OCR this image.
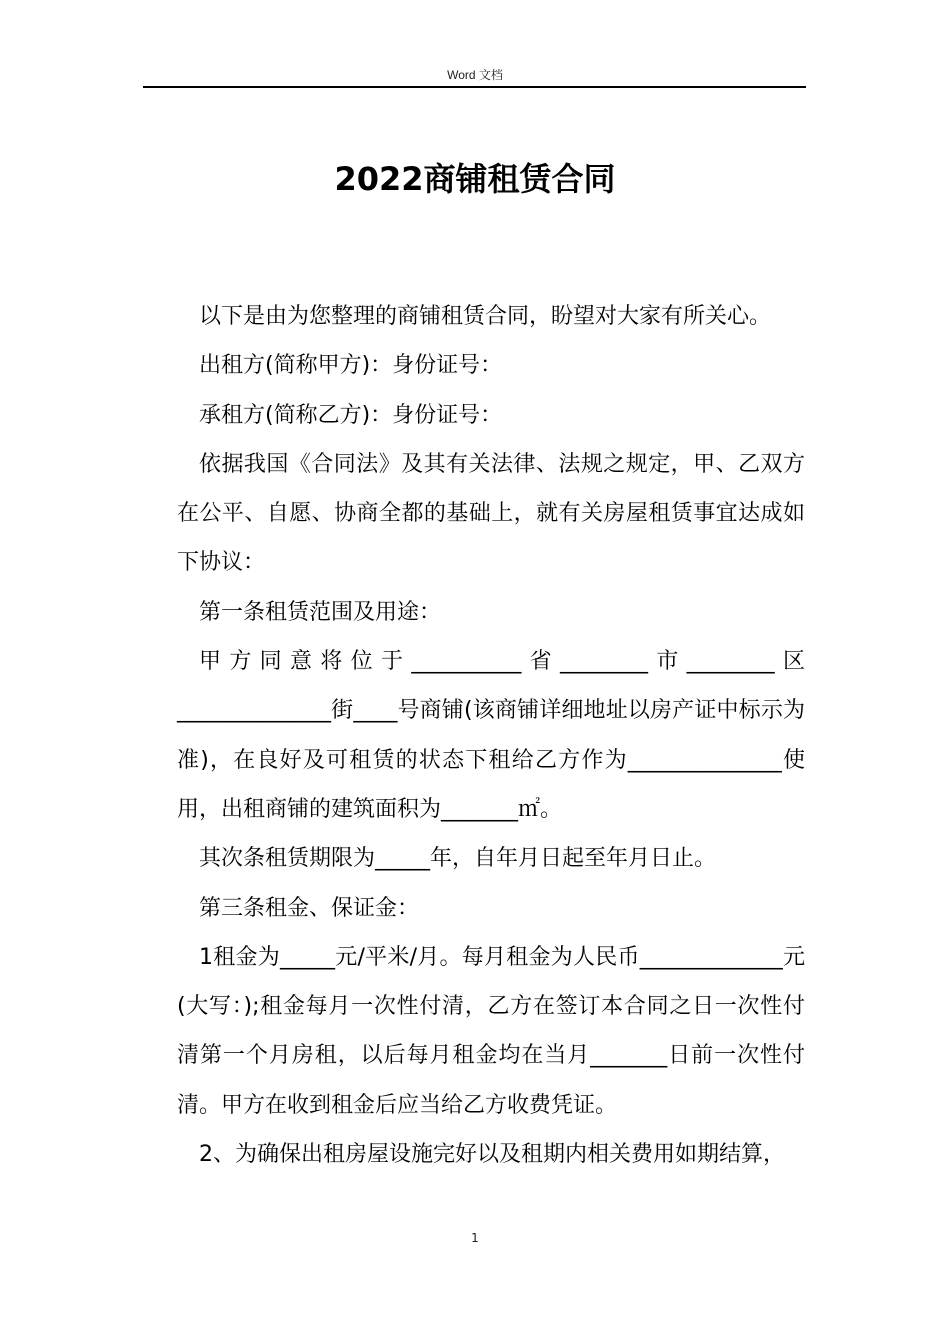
Word 文档
2022商铺租赁合同

以下是由为您整理的商铺租赁合同，盼望对大家有所关心。

出租方(简称甲方)：身份证号：

承租方(简称乙方)：身份证号：

依据我国《合同法》及其有关法律、法规之规定，甲、乙双方在公平、自愿、协商全都的基础上，就有关房屋租赁事宜达成如下协议：

第一条租赁范围及用途：

甲方同意将位于__________省________市________区______________街____号商铺(该商铺详细地址以房产证中标示为准)，在良好及可租赁的状态下租给乙方作为______________使用，出租商铺的建筑面积为_______㎡。

其次条租赁期限为_____年，自年月日起至年月日止。

第三条租金、保证金：

1租金为_____元/平米/月。每月租金为人民币_____________元(大写：);租金每月一次性付清，乙方在签订本合同之日一次性付清第一个月房租，以后每月租金均在当月_______日前一次性付清。甲方在收到租金后应当给乙方收费凭证。

2、为确保出租房屋设施完好以及租期内相关费用如期结算，

1
